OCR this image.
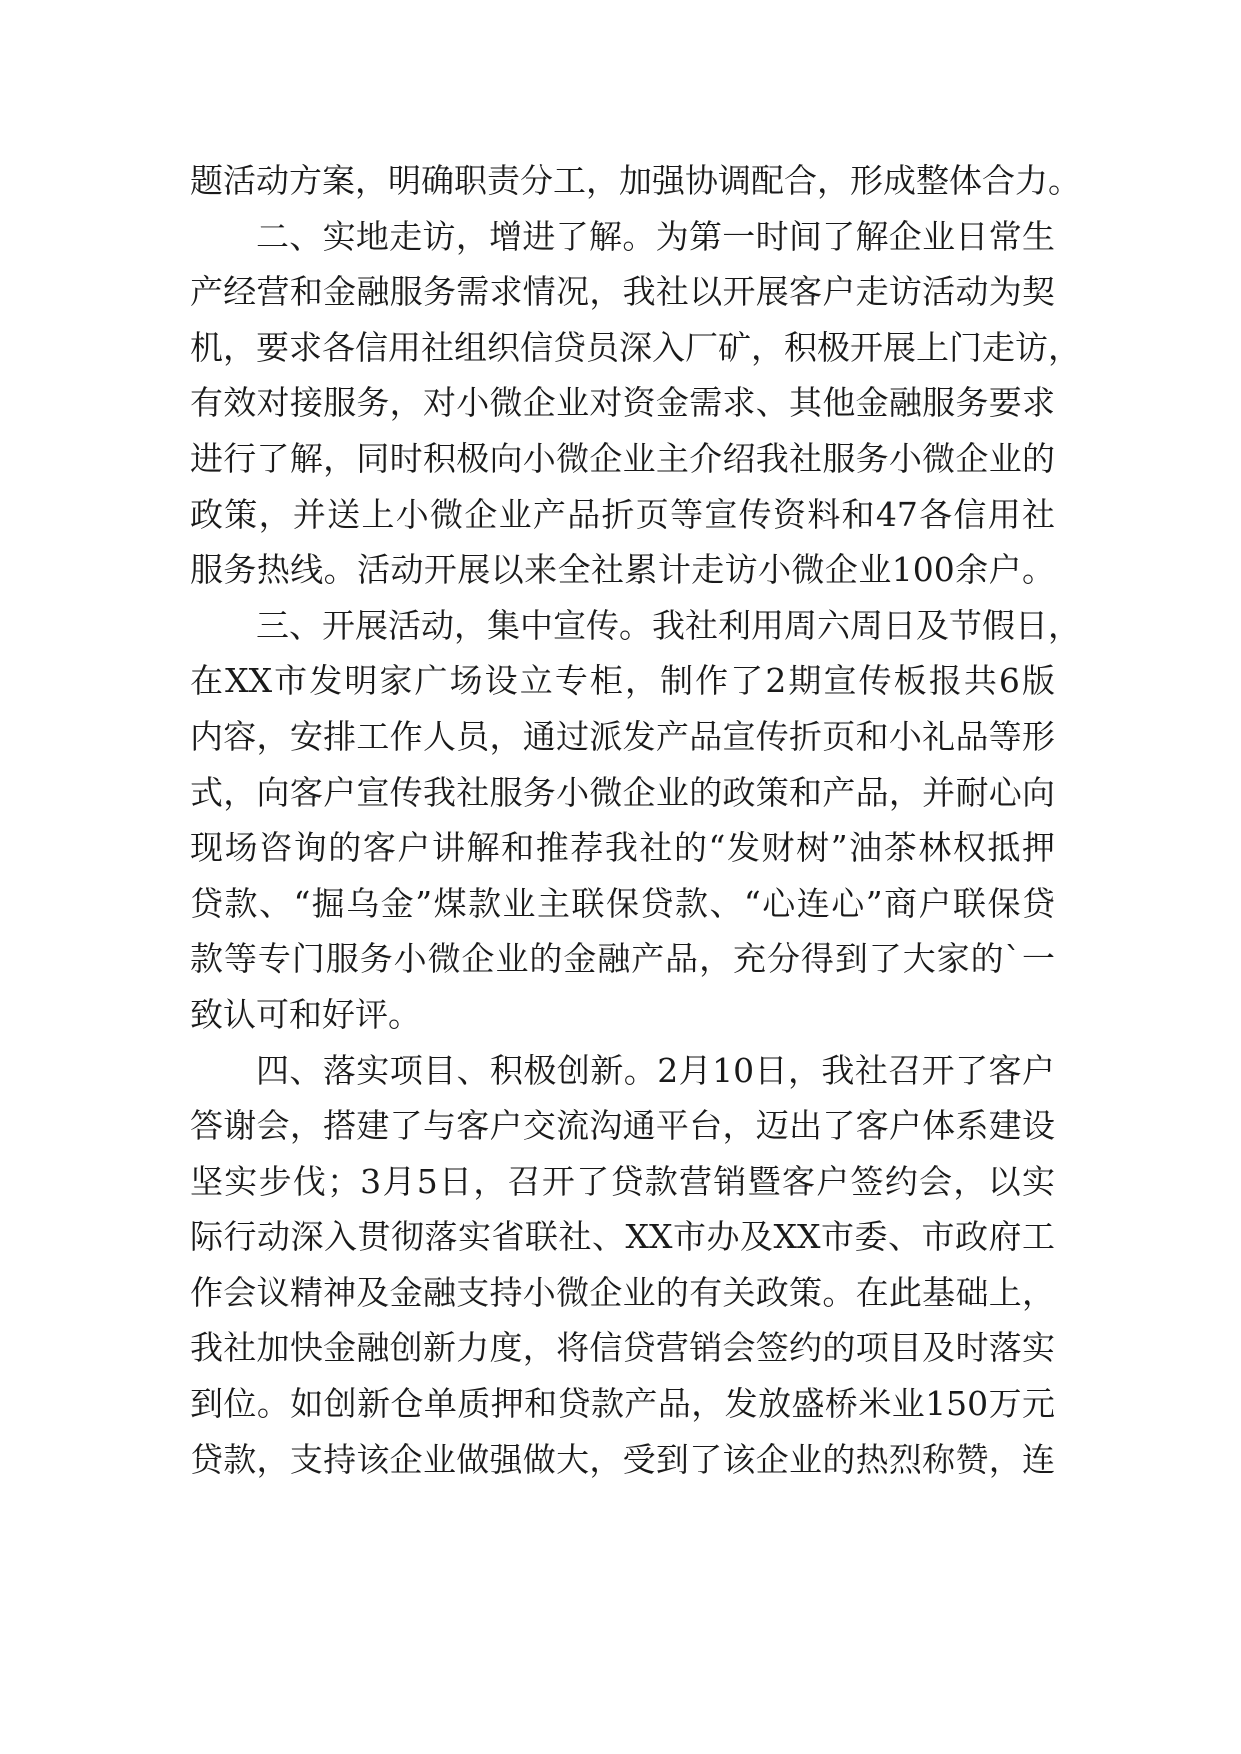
题活动方案，明确职责分工，加强协调配合，形成整体合力。
二、实地走访，增进了解。为第一时间了解企业日常生
产经营和金融服务需求情况，我社以开展客户走访活动为契
机，要求各信用社组织信贷员深入厂矿，积极开展上门走访，
有效对接服务，对小微企业对资金需求、其他金融服务要求
进行了解，同时积极向小微企业主介绍我社服务小微企业的
政策，并送上小微企业产品折页等宣传资料和47各信用社
服务热线。活动开展以来全社累计走访小微企业100余户。
三、开展活动，集中宣传。我社利用周六周日及节假日，
在XX市发明家广场设立专柜，制作了2期宣传板报共6版
内容，安排工作人员，通过派发产品宣传折页和小礼品等形
式，向客户宣传我社服务小微企业的政策和产品，并耐心向
现场咨询的客户讲解和推荐我社的“发财树”油茶林权抵押
贷款、“掘乌金”煤款业主联保贷款、“心连心”商户联保贷
款等专门服务小微企业的金融产品，充分得到了大家的`一
致认可和好评。
四、落实项目、积极创新。2月10日，我社召开了客户
答谢会，搭建了与客户交流沟通平台，迈出了客户体系建设
坚实步伐；3月5日，召开了贷款营销暨客户签约会，以实
际行动深入贯彻落实省联社、XX市办及XX市委、市政府工
作会议精神及金融支持小微企业的有关政策。在此基础上，
我社加快金融创新力度，将信贷营销会签约的项目及时落实
到位。如创新仓单质押和贷款产品，发放盛桥米业150万元
贷款，支持该企业做强做大，受到了该企业的热烈称赞，连
